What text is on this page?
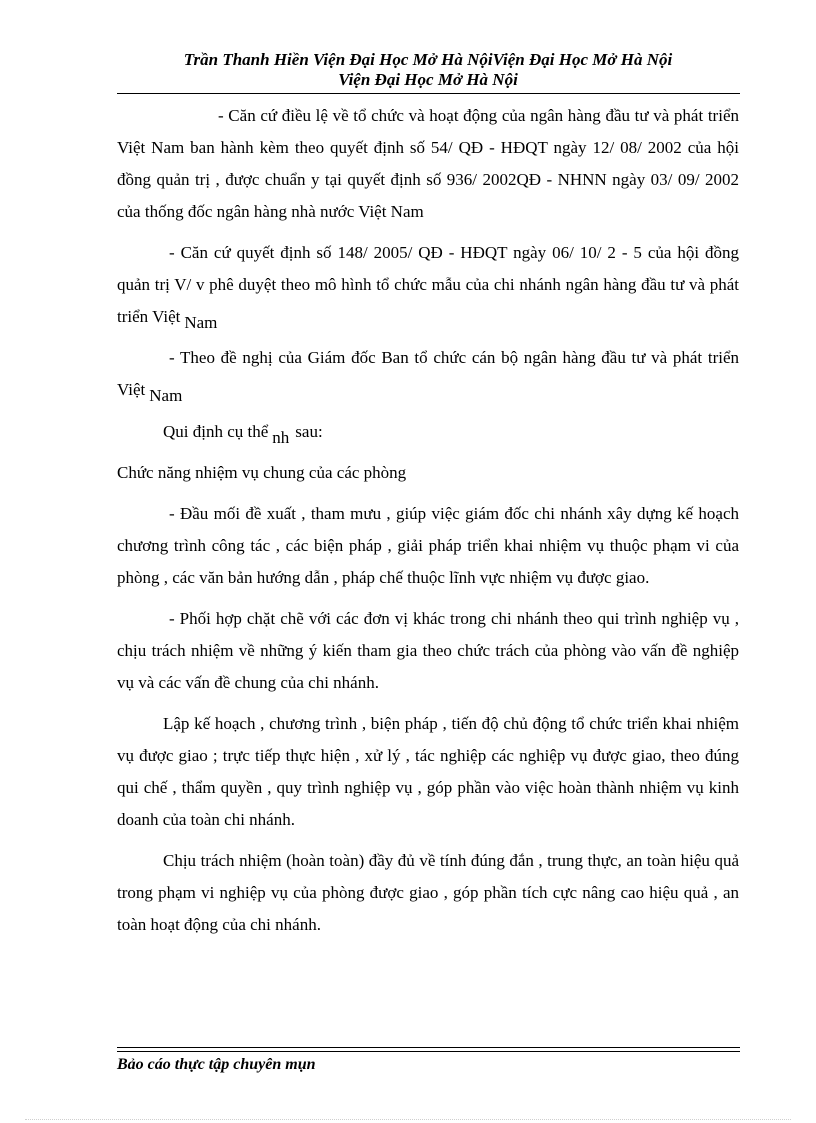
Trần Thanh Hiền Viện Đại Học Mở Hà NộiViện Đại Học Mở Hà Nội
Viện Đại Học Mở Hà Nội

- Căn cứ điều lệ về tổ chức và hoạt động của ngân hàng đầu tư và phát triển Việt Nam ban hành kèm theo quyết định số 54/ QĐ - HĐQT ngày 12/ 08/ 2002 của hội đồng quản trị , được chuẩn y tại quyết định số 936/ 2002QĐ - NHNN ngày 03/ 09/ 2002 của thống đốc ngân hàng nhà nước Việt Nam

- Căn cứ quyết định số 148/ 2005/ QĐ - HĐQT ngày 06/ 10/ 2 - 5 của hội đồng quản trị V/ v phê duyệt theo mô hình tổ chức mẫu của chi nhánh ngân hàng đầu tư và phát triển Việt Nam

- Theo đề nghị của Giám đốc Ban tổ chức cán bộ ngân hàng đầu tư và phát triển Việt Nam

Qui định cụ thể nh sau:

Chức năng nhiệm vụ chung của các phòng

- Đầu mối đề xuất , tham mưu , giúp việc giám đốc chi nhánh xây dựng kế hoạch chương trình công tác , các biện pháp , giải pháp triển khai nhiệm vụ thuộc phạm vi của phòng , các văn bản hướng dẫn , pháp chế thuộc lĩnh vực nhiệm vụ được giao.

- Phối hợp chặt chẽ với các đơn vị khác trong chi nhánh theo qui trình nghiệp vụ , chịu trách nhiệm về những ý kiến tham gia theo chức trách của phòng vào vấn đề nghiệp vụ và các vấn đề chung của chi nhánh.

Lập kế hoạch , chương trình , biện pháp , tiến độ chủ động tổ chức triển khai nhiệm vụ được giao ; trực tiếp thực hiện , xử lý , tác nghiệp các nghiệp vụ được giao, theo đúng qui chế , thẩm quyền , quy trình nghiệp vụ , góp phần vào việc hoàn thành nhiệm vụ kinh doanh của toàn chi nhánh.

Chịu trách nhiệm (hoàn toàn) đầy đủ về tính đúng đắn , trung thực, an toàn hiệu quả trong phạm vi nghiệp vụ của phòng được giao , góp phần tích cực nâng cao hiệu quả , an toàn hoạt động của chi nhánh.

Bảo cáo thực tập chuyên mụn
